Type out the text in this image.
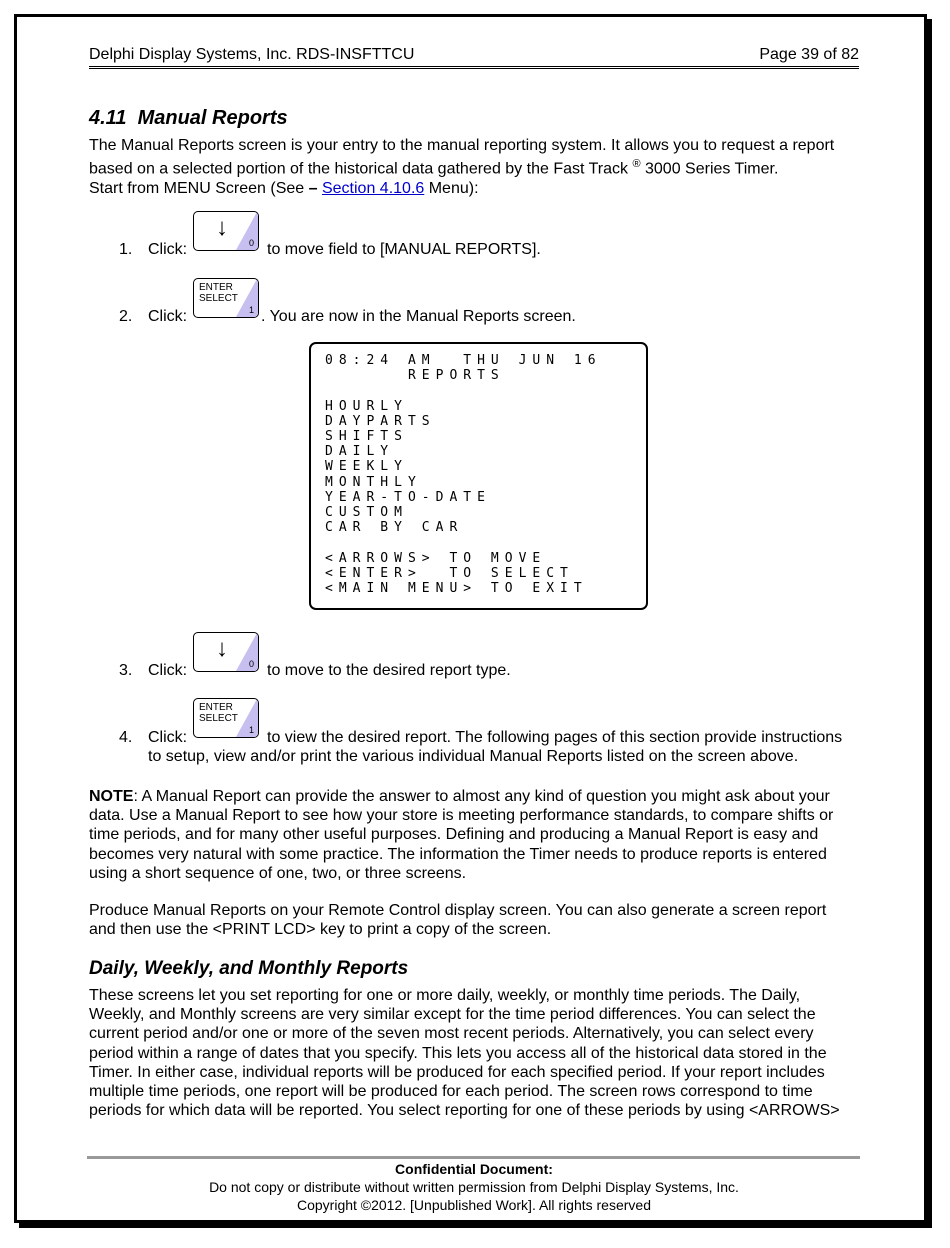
Delphi Display Systems, Inc. RDS-INSFTTCU	Page 39 of 82
4.11 Manual Reports
The Manual Reports screen is your entry to the manual reporting system. It allows you to request a report
based on a selected portion of the historical data gathered by the Fast Track ® 3000 Series Timer.
Start from MENU Screen (See – Section 4.10.6 Menu):
↓
0
1. Click:	to move field to [MANUAL REPORTS].
ENTER
SELECT
1
2. Click:	. You are now in the Manual Reports screen.
08:24 AM  THU JUN 16
REPORTS
HOURLY
DAYPARTS
SHIFTS
DAILY
WEEKLY
MONTHLY
YEAR-TO-DATE
CUSTOM
CAR BY CAR
<ARROWS> TO MOVE
<ENTER>  TO SELECT
<MAIN MENU> TO EXIT
↓
0
3. Click:	to move to the desired report type.
ENTER
SELECT
1
4. Click:	to view the desired report. The following pages of this section provide instructions
to setup, view and/or print the various individual Manual Reports listed on the screen above.
NOTE: A Manual Report can provide the answer to almost any kind of question you might ask about your
data. Use a Manual Report to see how your store is meeting performance standards, to compare shifts or
time periods, and for many other useful purposes. Defining and producing a Manual Report is easy and
becomes very natural with some practice. The information the Timer needs to produce reports is entered
using a short sequence of one, two, or three screens.
Produce Manual Reports on your Remote Control display screen. You can also generate a screen report
and then use the <PRINT LCD> key to print a copy of the screen.
Daily, Weekly, and Monthly Reports
These screens let you set reporting for one or more daily, weekly, or monthly time periods. The Daily,
Weekly, and Monthly screens are very similar except for the time period differences. You can select the
current period and/or one or more of the seven most recent periods. Alternatively, you can select every
period within a range of dates that you specify. This lets you access all of the historical data stored in the
Timer. In either case, individual reports will be produced for each specified period. If your report includes
multiple time periods, one report will be produced for each period. The screen rows correspond to time
periods for which data will be reported. You select reporting for one of these periods by using <ARROWS>
Confidential Document:
Do not copy or distribute without written permission from Delphi Display Systems, Inc.
Copyright ©2012. [Unpublished Work]. All rights reserved
